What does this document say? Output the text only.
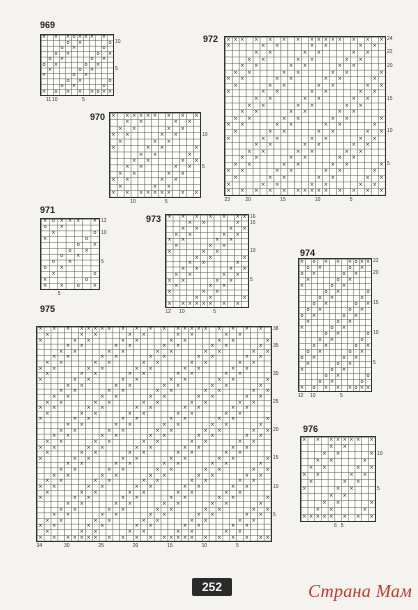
969
× × × o × × × ×
o ×	o
o ×	o
o ×	o ×
o ×	o ×
o ×	o ×
×	o ×
×	o ×
o ×	o
o ×	o
× o × × × o × ×
970 × × × × × × × × ×
× ×	× ×
× ×	× ×
× ×	× ×
×	× ×
×	× ×	×
× ×	×
× ×	× ×
× ×	× ×
× ×	× ×
× ×	× ×
×	× ×
× × × × × × × × ×
971
× o × × ×	×
o	×
×	o
×	o
o	×
o	×
o	×
o	×
o	×
×	o
×	o
×	×	o	×
972 × × × × × × × × × × × × × × ×
×	× ×	× ×	× ×
× ×	× ×	× ×
× ×	× ×	× ×
× ×	× ×	× ×
× ×	× ×	× ×	×
× ×	× ×	× ×	×
×	× ×	× ×	× ×
×	× ×	× ×	× ×
× ×	× ×	× ×
× ×	× ×	× ×
× ×	× ×	× ×
× ×	× ×	× ×	×
× ×	× ×	× ×	×
×	× ×	× ×	× ×
×	× ×	× ×	× ×
× ×	× ×	× ×
× ×	× ×	× ×
× ×	× ×	× ×
× ×	× ×	× ×	×
× ×	× ×	× ×	×
×	× ×	× ×	× ×
×	× ×	× ×	× ×
× × × × × × × × × × × × × ×
973 × × × × × × ×
× ×	×
× ×	× ×
× ×	× ×
× ×	× ×
×	× ×
×	× ×
× ×	×
× ×	×
× ×	× ×
× ×	× ×
× ×	× ×
×	× ×
×	× ×
× ×	×
× × × × × × × ×
974
× o × × × o × ×
o ×	o ×
o ×	o ×
×	o ×
×	o ×
o ×	o
o ×	o
o ×	o ×
o ×	o ×
o ×	o ×
×	o ×
×	o ×
o ×	o
o ×	o
o ×	o ×
o ×	o ×
o ×	o ×
×	o ×
×	o ×
o ×	o
o ×	o
× o × × × o × ×
975
× × × × × × × × × × × × × × × × × × × × ×
×	× ×	× ×	× ×	× ×
×	× ×	× ×	× ×	× ×	×
× ×	× ×	× ×	× ×	×
× ×	× ×	× ×	× ×	× ×
× ×	× ×	× ×	× ×	× ×
× ×	× ×	× ×	× ×	× ×
× ×	× ×	× ×	× ×	× ×
×	× ×	× ×	× ×	× ×
×	× ×	× ×	× ×	× ×	×
× ×	× ×	× ×	× ×	×
× ×	× ×	× ×	× ×	× ×
× ×	× ×	× ×	× ×	× ×
× ×	× ×	× ×	× ×	× ×
× ×	× ×	× ×	× ×	× ×
×	× ×	× ×	× ×	× ×
×	× ×	× ×	× ×	× ×	×
× ×	× ×	× ×	× ×	×
× ×	× ×	× ×	× ×	× ×
× ×	× ×	× ×	× ×	× ×
× ×	× ×	× ×	× ×	× ×
× ×	× ×	× ×	× ×	× ×
×	× ×	× ×	× ×	× ×
×	× ×	× ×	× ×	× ×	×
× ×	× ×	× ×	× ×	×
× ×	× ×	× ×	× ×	× ×
× ×	× ×	× ×	× ×	× ×
× ×	× ×	× ×	× ×	× ×
× ×	× ×	× ×	× ×	× ×
×	× ×	× ×	× ×	× ×
×	× ×	× ×	× ×	× ×	×
× ×	× ×	× ×	× ×	×
× ×	× ×	× ×	× ×	× ×
× ×	× ×	× ×	× ×	× ×
× ×	× ×	× ×	× ×	× ×
× ×	× ×	× ×	× ×	× ×
×	× ×	× ×	× ×	× ×
× × × × × × × × × × × × × × × × × × × × × ×
976
× × × × × × × ×
× ×
× ×	×
× ×	×
× ×	× ×
× ×	× ×
×	× ×
×	× ×
× ×
× ×	×
× ×	×
× × × × × × × ×
252	Страна Мам
10
5
11 10	5
10
5
10	5
12
10
5
5
24
22
20
15
10
5
23	20	15	10	5
16
15
10
5
12 10	5
22
20
15
10
5
12 10	5
38
35
30
25
20
15
10
5
34	30	25	20	15	10	5
10
5
6 5
